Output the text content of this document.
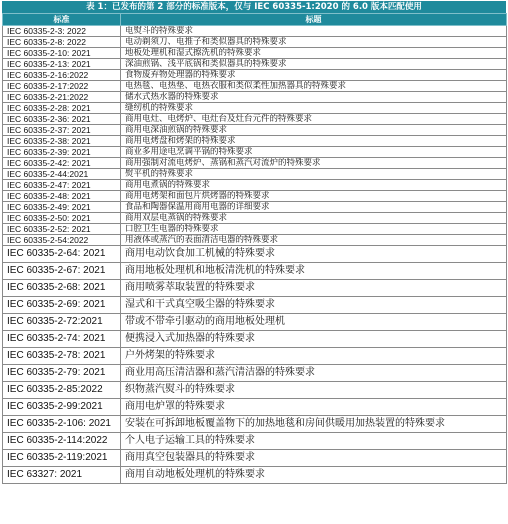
表 1：已发布的第 2 部分的标准版本，仅与 IEC 60335-1:2020 的 6.0 版本匹配使用
标准	标题
IEC 60335-2-3: 2022	电熨斗的特殊要求
IEC 60335-2-8: 2022	电动剃须刀、电推子和类似器具的特殊要求
IEC 60335-2-10: 2021	地板处理机和湿式擦洗机的特殊要求
IEC 60335-2-13: 2021	深油煎锅、浅平底锅和类似器具的特殊要求
IEC 60335-2-16:2022	食物废弃物处理器的特殊要求
IEC 60335-2-17:2022	电热毯、电热垫、电热衣服和类似柔性加热器具的特殊要求
IEC 60335-2-21:2022	储水式热水器的特殊要求
IEC 60335-2-28: 2021	缝纫机的特殊要求
IEC 60335-2-36: 2021	商用电灶、电烤炉、电灶台及灶台元件的特殊要求
IEC 60335-2-37: 2021	商用电深油煎锅的特殊要求
IEC 60335-2-38: 2021	商用电烤盘和烤架的特殊要求
IEC 60335-2-39: 2021	商业多用途电烹调平锅的特殊要求
IEC 60335-2-42: 2021	商用强制对流电烤炉、蒸锅和蒸汽对流炉的特殊要求
IEC 60335-2-44:2021	熨平机的特殊要求
IEC 60335-2-47: 2021	商用电煮锅的特殊要求
IEC 60335-2-48: 2021	商用电烤架和面包片烘烤器的特殊要求
IEC 60335-2-49: 2021	食品和陶器保温用商用电器的详细要求
IEC 60335-2-50: 2021	商用双层电蒸锅的特殊要求
IEC 60335-2-52: 2021	口腔卫生电器的特殊要求
IEC 60335-2-54:2022	用液体或蒸汽的表面清洁电器的特殊要求
IEC 60335-2-64: 2021	商用电动饮食加工机械的特殊要求
IEC 60335-2-67: 2021	商用地板处理机和地板清洗机的特殊要求
IEC 60335-2-68: 2021	商用喷雾萃取装置的特殊要求
IEC 60335-2-69: 2021	湿式和干式真空吸尘器的特殊要求
IEC 60335-2-72:2021	带或不带牵引驱动的商用地板处理机
IEC 60335-2-74: 2021	便携浸入式加热器的特殊要求
IEC 60335-2-78: 2021	户外烤架的特殊要求
IEC 60335-2-79: 2021	商业用高压清洁器和蒸汽清洁器的特殊要求
IEC 60335-2-85:2022	织物蒸汽熨斗的特殊要求
IEC 60335-2-99:2021	商用电炉罩的特殊要求
IEC 60335-2-106: 2021	安装在可拆卸地板覆盖物下的加热地毯和房间供暖用加热装置的特殊要求
IEC 60335-2-114:2022	个人电子运输工具的特殊要求
IEC 60335-2-119:2021	商用真空包装器具的特殊要求
IEC 63327: 2021	商用自动地板处理机的特殊要求
